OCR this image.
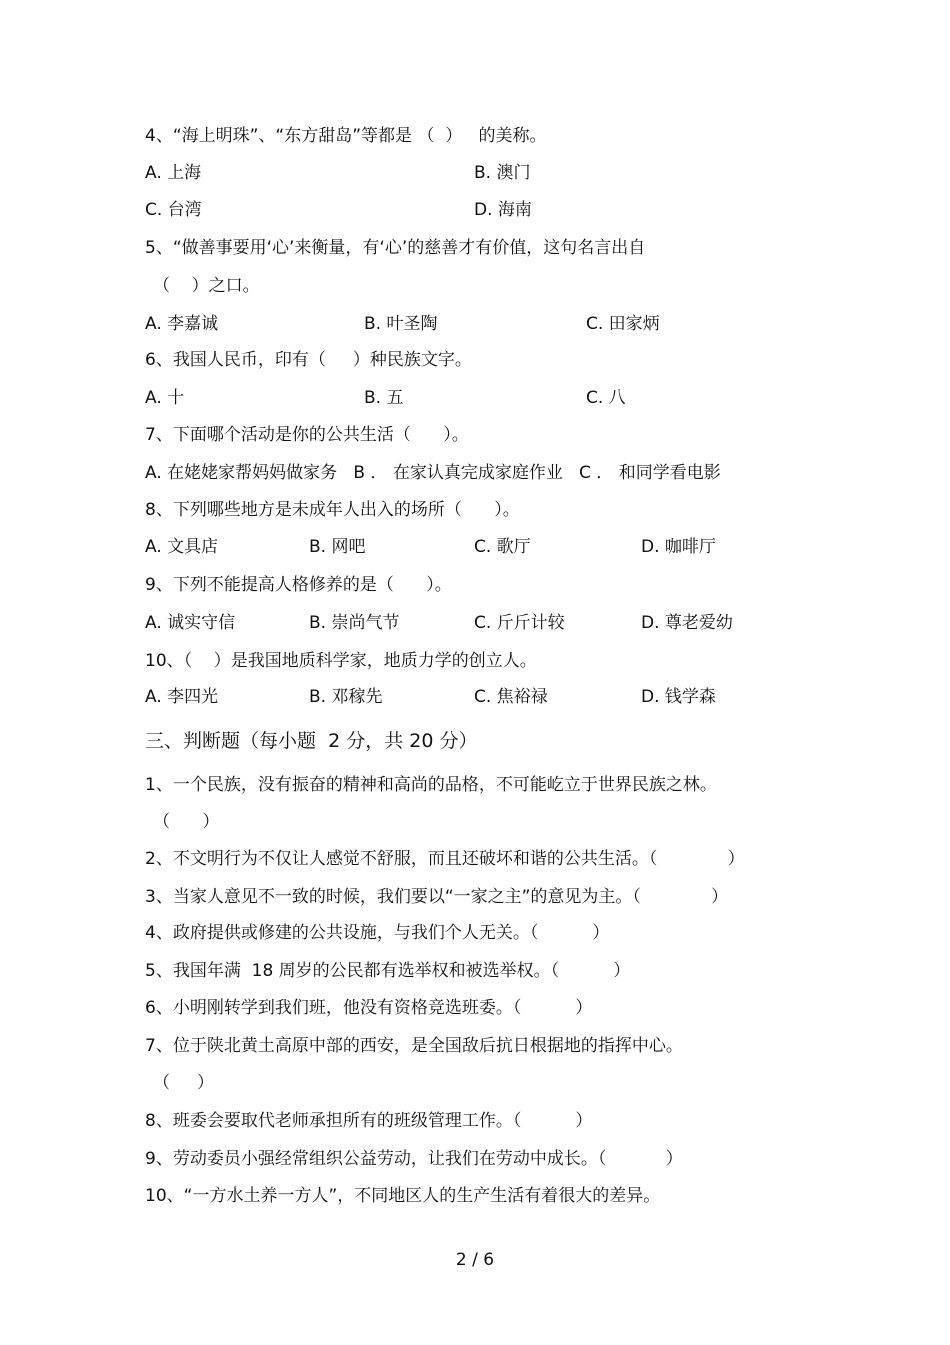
4、“海上明珠”、“东方甜岛”等都是 （  ）   的美称。
A. 上海	B. 澳门
C. 台湾	D. 海南
5、“做善事要用‘心’来衡量，有‘心’的慈善才有价值，这句名言出自
（    ）之口。
A. 李嘉诚	B. 叶圣陶	C. 田家炳
6、我国人民币，印有（     ）种民族文字。
A. 十	B. 五	C. 八
7、下面哪个活动是你的公共生活（      ）。
A. 在姥姥家帮妈妈做家务   B ． 在家认真完成家庭作业   C ． 和同学看电影
8、下列哪些地方是未成年人出入的场所（      ）。
A. 文具店	B. 网吧	C. 歌厅	D. 咖啡厅
9、下列不能提高人格修养的是（      ）。
A. 诚实守信	B. 崇尚气节	C. 斤斤计较	D. 尊老爱幼
10、（    ）是我国地质科学家，地质力学的创立人。
A. 李四光	B. 邓稼先	C. 焦裕禄	D. 钱学森
三、判断题（每小题  2 分，共 20 分）
1、一个民族，没有振奋的精神和高尚的品格，不可能屹立于世界民族之林。
（      ）
2、不文明行为不仅让人感觉不舒服，而且还破坏和谐的公共生活。（             ）
3、当家人意见不一致的时候，我们要以“一家之主”的意见为主。（             ）
4、政府提供或修建的公共设施，与我们个人无关。（          ）
5、我国年满  18 周岁的公民都有选举权和被选举权。（          ）
6、小明刚转学到我们班，他没有资格竞选班委。（          ）
7、位于陕北黄土高原中部的西安，是全国敌后抗日根据地的指挥中心。
（     ）
8、班委会要取代老师承担所有的班级管理工作。（          ）
9、劳动委员小强经常组织公益劳动，让我们在劳动中成长。（           ）
10、“一方水土养一方人”，不同地区人的生产生活有着很大的差异。
2 / 6
